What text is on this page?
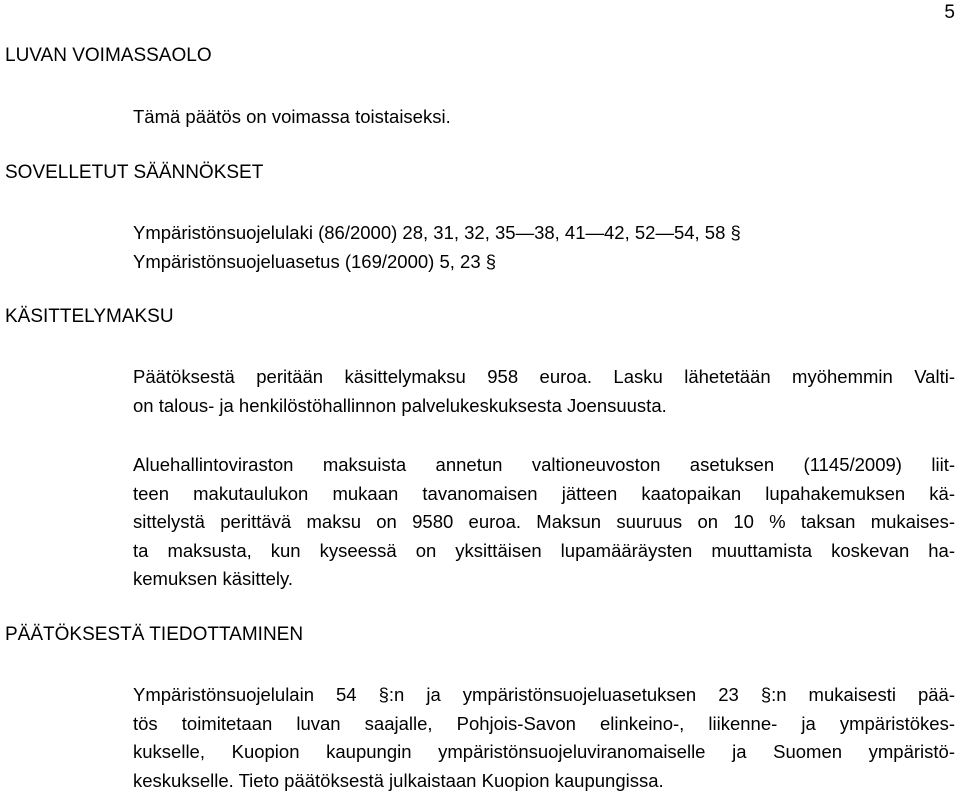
5
LUVAN VOIMASSAOLO
Tämä päätös on voimassa toistaiseksi.
SOVELLETUT SÄÄNNÖKSET
Ympäristönsuojelulaki (86/2000) 28, 31, 32, 35―38, 41―42, 52―54, 58 §
Ympäristönsuojeluasetus (169/2000) 5, 23 §
KÄSITTELYMAKSU
Päätöksestä peritään käsittelymaksu 958 euroa. Lasku lähetetään myöhemmin Valti-
on talous- ja henkilöstöhallinnon palvelukeskuksesta Joensuusta.
Aluehallintoviraston maksuista annetun valtioneuvoston asetuksen (1145/2009) liit-
teen makutaulukon mukaan tavanomaisen jätteen kaatopaikan lupahakemuksen kä-
sittelystä perittävä maksu on 9580 euroa. Maksun suuruus on 10 % taksan mukaises-
ta maksusta, kun kyseessä on yksittäisen lupamääräysten muuttamista koskevan ha-
kemuksen käsittely.
PÄÄTÖKSESTÄ TIEDOTTAMINEN
Ympäristönsuojelulain 54 §:n ja ympäristönsuojeluasetuksen 23 §:n mukaisesti pää-
tös toimitetaan luvan saajalle, Pohjois-Savon elinkeino-, liikenne- ja ympäristökes-
kukselle, Kuopion kaupungin ympäristönsuojeluviranomaiselle ja Suomen ympäristö-
keskukselle. Tieto päätöksestä julkaistaan Kuopion kaupungissa.
